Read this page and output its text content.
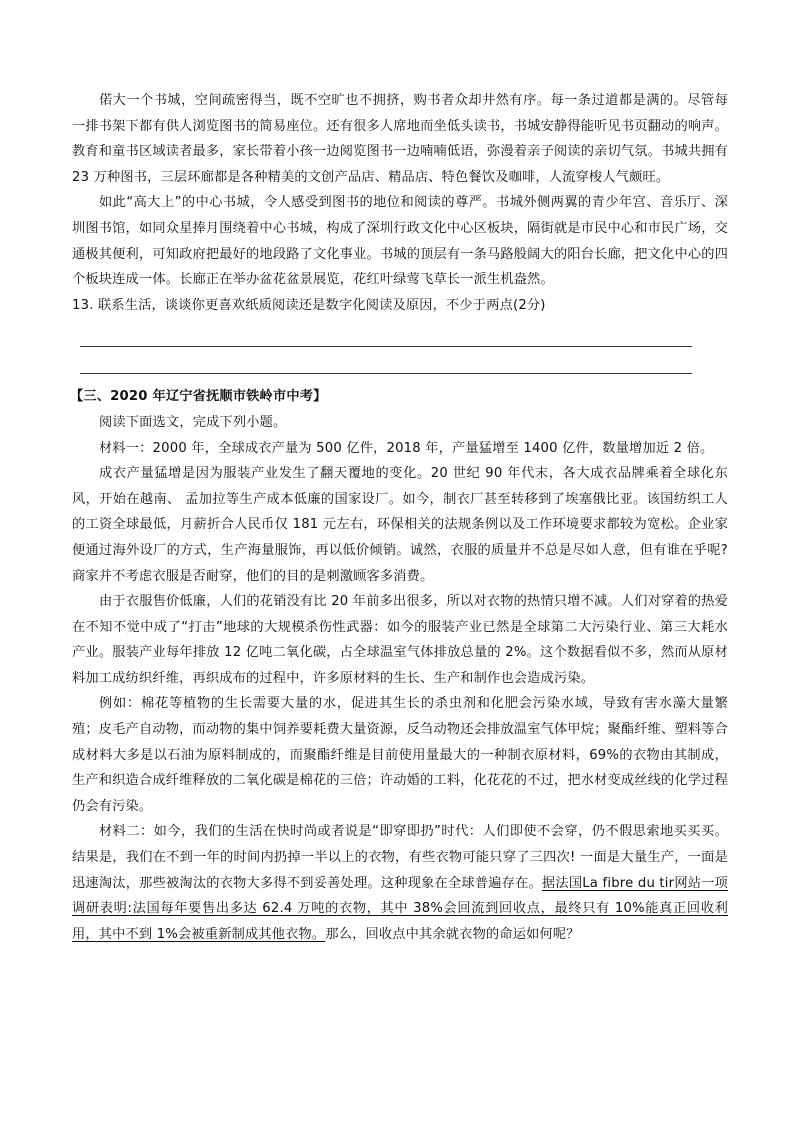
偌大一个书城，空间疏密得当，既不空旷也不拥挤，购书者众却井然有序。每一条过道都是满的。尽管每一排书架下都有供人浏览图书的简易座位。还有很多人席地而坐低头读书，书城安静得能听见书页翻动的响声。教育和童书区域读者最多，家长带着小孩一边阅览图书一边喃喃低语，弥漫着亲子阅读的亲切气氛。书城共拥有 23 万种图书，三层环廊都是各种精美的文创产品店、精品店、特色餐饮及咖啡，人流穿梭人气颇旺。

如此“高大上”的中心书城，令人感受到图书的地位和阅读的尊严。书城外侧两翼的青少年宫、音乐厅、深圳图书馆，如同众星捧月围绕着中心书城，构成了深圳行政文化中心区板块，隔街就是市民中心和市民广场，交通极其便利，可知政府把最好的地段路了文化事业。书城的顶层有一条马路般阔大的阳台长廊，把文化中心的四个板块连成一体。长廊正在举办盆花盆景展览，花红叶绿莺飞草长一派生机盎然。

13. 联系生活，谈谈你更喜欢纸质阅读还是数字化阅读及原因，不少于两点(2分)

【三、2020 年辽宁省抚顺市铁岭市中考】

阅读下面选文，完成下列小题。

材料一：2000 年，全球成衣产量为 500 亿件，2018 年，产量猛增至 1400 亿件，数量增加近 2 倍。

成衣产量猛增是因为服装产业发生了翻天覆地的变化。20 世纪 90 年代末，各大成衣品牌乘着全球化东风，开始在越南、 孟加拉等生产成本低廉的国家设厂。如今，制衣厂甚至转移到了埃塞俄比亚。该国纺织工人的工资全球最低，月薪折合人民币仅 181 元左右，环保相关的法规条例以及工作环境要求都较为宽松。企业家便通过海外设厂的方式，生产海量服饰，再以低价倾销。诚然，衣服的质量并不总是尽如人意，但有谁在乎呢?商家并不考虑衣服是否耐穿，他们的目的是刺激顾客多消费。

由于衣服售价低廉，人们的花销没有比 20 年前多出很多，所以对衣物的热情只增不减。人们对穿着的热爱在不知不觉中成了“打击”地球的大规模杀伤性武器：如今的服装产业已然是全球第二大污染行业、第三大耗水产业。服装产业每年排放 12 亿吨二氧化碳，占全球温室气体排放总量的 2%。这个数据看似不多，然而从原材料加工成纺织纤维，再织成布的过程中，许多原材料的生长、生产和制作也会造成污染。

例如：棉花等植物的生长需要大量的水，促进其生长的杀虫剂和化肥会污染水域，导致有害水藻大量繁殖；皮毛产自动物，而动物的集中饲养要耗费大量资源，反刍动物还会排放温室气体甲烷；聚酯纤维、塑料等合成材料大多是以石油为原料制成的，而聚酯纤维是目前使用量最大的一种制衣原材料，69%的衣物由其制成，生产和织造合成纤维释放的二氧化碳是棉花的三倍；许动婚的工料，化花花的不过，把水材变成丝线的化学过程仍会有污染。

材料二：如今，我们的生活在快时尚或者说是“即穿即扔”时代：人们即使不会穿，仍不假思索地买买买。结果是，我们在不到一年的时间内扔掉一半以上的衣物，有些衣物可能只穿了三四次! 一面是大量生产，一面是迅速淘汰，那些被淘汰的衣物大多得不到妥善处理。这种现象在全球普遍存在。据法国La fibre du tir网站一项调研表明:法国每年要售出多达 62.4 万吨的衣物，其中 38%会回流到回收点，最终只有 10%能真正回收利用，其中不到 1%会被重新制成其他衣物。那么，回收点中其余就衣物的命运如何呢？
